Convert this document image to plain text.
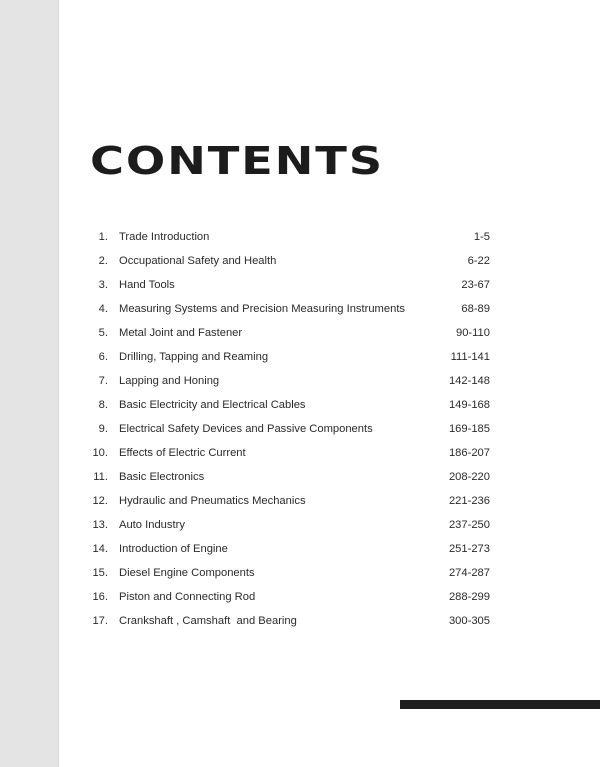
CONTENTS
1. Trade Introduction	1-5
2. Occupational Safety and Health	6-22
3. Hand Tools	23-67
4. Measuring Systems and Precision Measuring Instruments	68-89
5. Metal Joint and Fastener	90-110
6. Drilling, Tapping and Reaming	111-141
7. Lapping and Honing	142-148
8. Basic Electricity and Electrical Cables	149-168
9. Electrical Safety Devices and Passive Components	169-185
10. Effects of Electric Current	186-207
11. Basic Electronics	208-220
12. Hydraulic and Pneumatics Mechanics	221-236
13. Auto Industry	237-250
14. Introduction of Engine	251-273
15. Diesel Engine Components	274-287
16. Piston and Connecting Rod	288-299
17. Crankshaft , Camshaft  and Bearing	300-305
